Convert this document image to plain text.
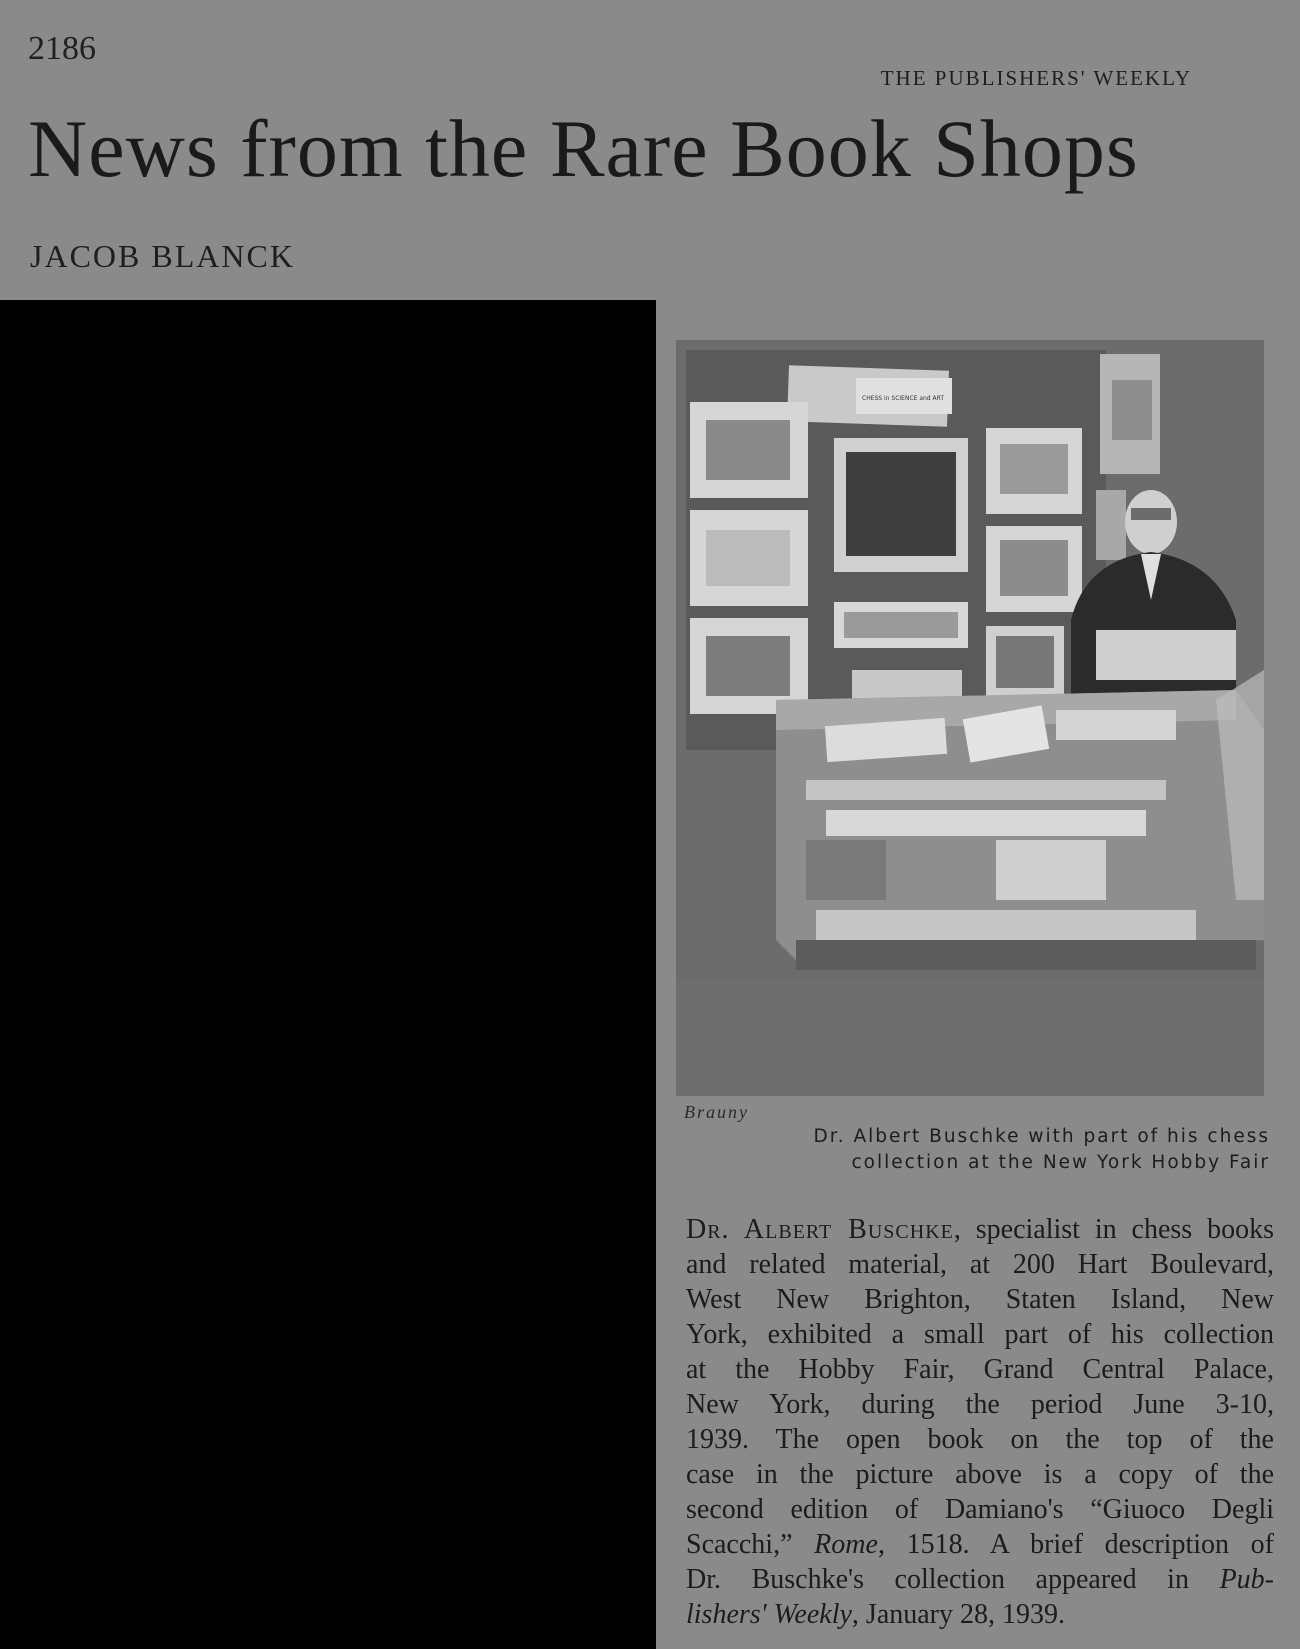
2186
THE PUBLISHERS' WEEKLY
News from the Rare Book Shops
JACOB BLANCK
CHESS in SCIENCE and ART
Brauny
Dr. Albert Buschke with part of his chess
collection at the New York Hobby Fair
Dr. Albert Buschke, specialist in chess books
and related material, at 200 Hart Boulevard,
West New Brighton, Staten Island, New
York, exhibited a small part of his collection
at the Hobby Fair, Grand Central Palace,
New York, during the period June 3-10,
1939. The open book on the top of the
case in the picture above is a copy of the
second edition of Damiano's “Giuoco Degli
Scacchi,” Rome, 1518. A brief description of
Dr. Buschke's collection appeared in Pub-
lishers' Weekly, January 28, 1939.
